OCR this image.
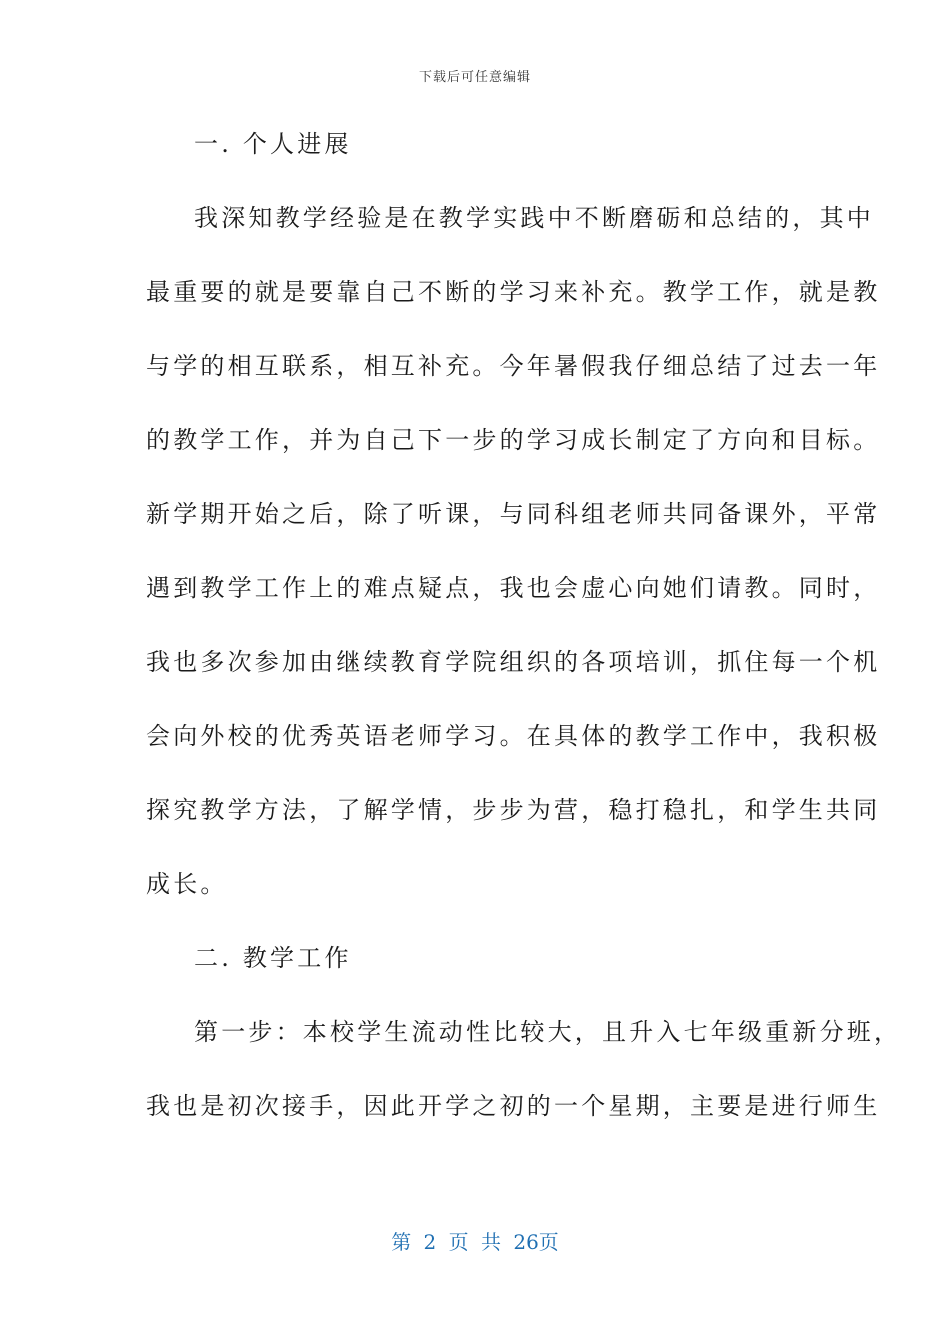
下载后可任意编辑
一. 个人进展
我深知教学经验是在教学实践中不断磨砺和总结的，其中
最重要的就是要靠自己不断的学习来补充。教学工作，就是教
与学的相互联系，相互补充。今年暑假我仔细总结了过去一年
的教学工作，并为自己下一步的学习成长制定了方向和目标。
新学期开始之后，除了听课，与同科组老师共同备课外，平常
遇到教学工作上的难点疑点，我也会虚心向她们请教。同时，
我也多次参加由继续教育学院组织的各项培训，抓住每一个机
会向外校的优秀英语老师学习。在具体的教学工作中，我积极
探究教学方法，了解学情，步步为营，稳打稳扎，和学生共同
成长。
二. 教学工作
第一步：本校学生流动性比较大，且升入七年级重新分班，
我也是初次接手，因此开学之初的一个星期，主要是进行师生
第 2 页 共 26页
